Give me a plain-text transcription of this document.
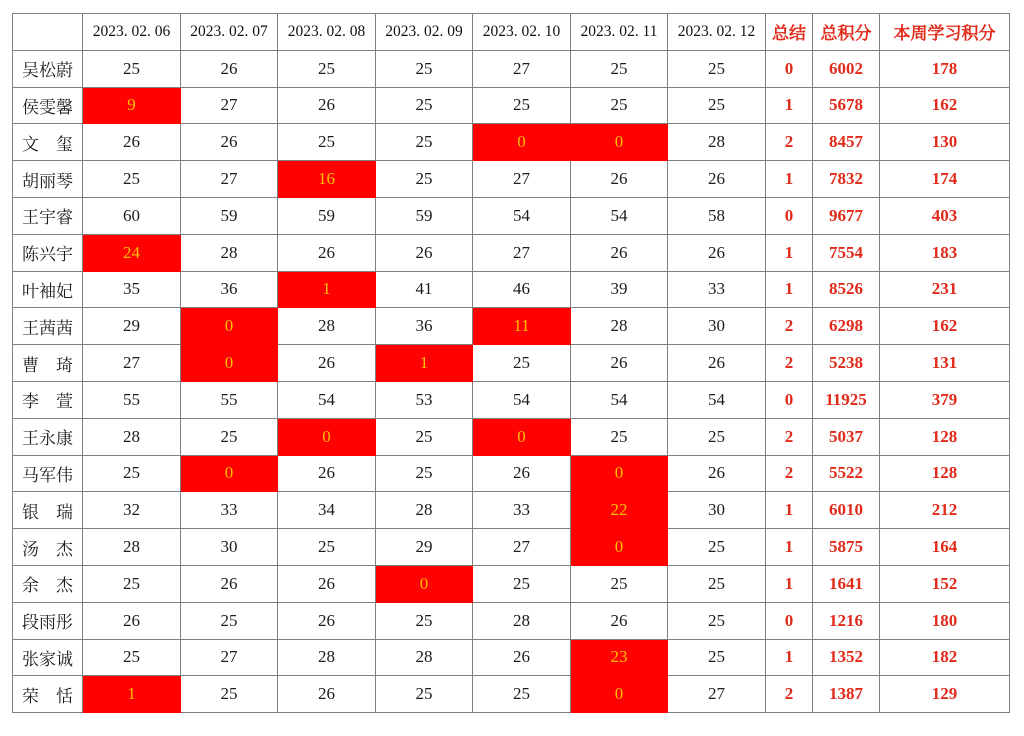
	2023. 02. 06	2023. 02. 07	2023. 02. 08	2023. 02. 09	2023. 02. 10	2023. 02. 11	2023. 02. 12	总结	总积分	本周学习积分
吴松蔚	25	26	25	25	27	25	25	0	6002	178
侯雯馨	9	27	26	25	25	25	25	1	5678	162
文　玺	26	26	25	25	0	0	28	2	8457	130
胡丽琴	25	27	16	25	27	26	26	1	7832	174
王宇睿	60	59	59	59	54	54	58	0	9677	403
陈兴宇	24	28	26	26	27	26	26	1	7554	183
叶袖妃	35	36	1	41	46	39	33	1	8526	231
王茜茜	29	0	28	36	11	28	30	2	6298	162
曹　琦	27	0	26	1	25	26	26	2	5238	131
李　萱	55	55	54	53	54	54	54	0	11925	379
王永康	28	25	0	25	0	25	25	2	5037	128
马军伟	25	0	26	25	26	0	26	2	5522	128
银　瑞	32	33	34	28	33	22	30	1	6010	212
汤　杰	28	30	25	29	27	0	25	1	5875	164
余　杰	25	26	26	0	25	25	25	1	1641	152
段雨彤	26	25	26	25	28	26	25	0	1216	180
张家诚	25	27	28	28	26	23	25	1	1352	182
荣　恬	1	25	26	25	25	0	27	2	1387	129
